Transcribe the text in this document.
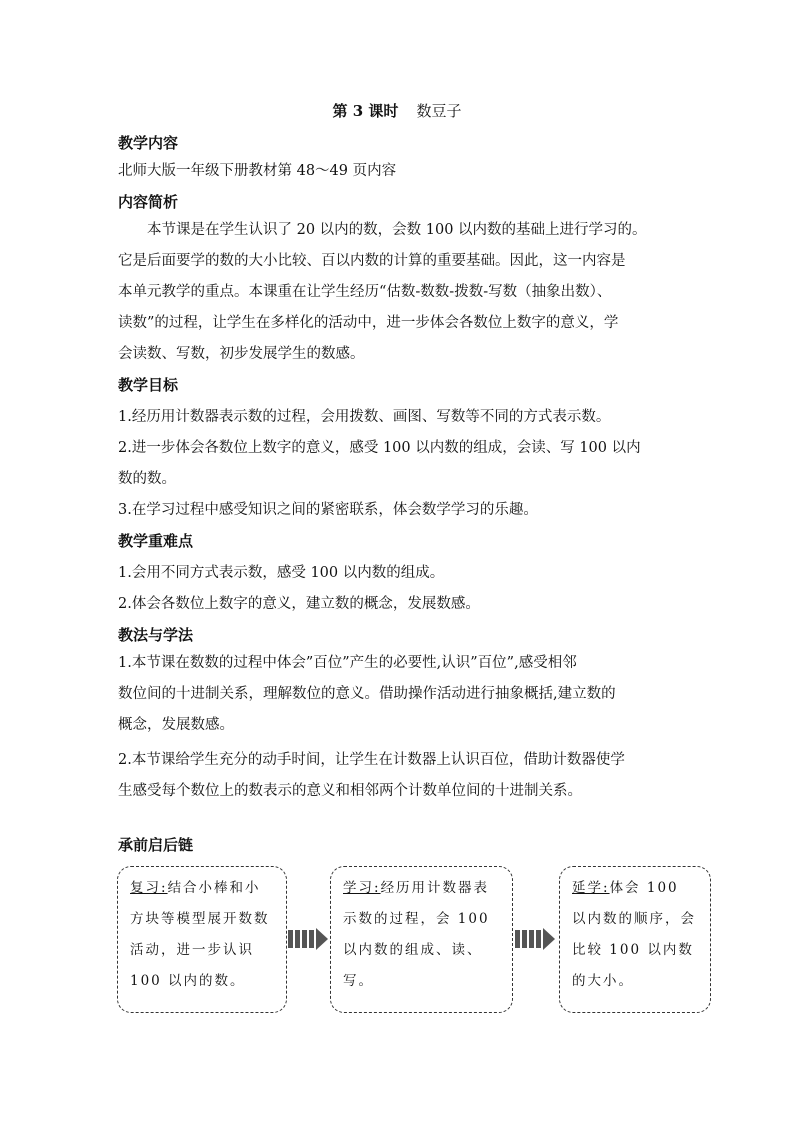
第 3 课时 数豆子
教学内容

北师大版一年级下册教材第 48～49 页内容

内容简析

本节课是在学生认识了 20 以内的数，会数 100 以内数的基础上进行学习的。

它是后面要学的数的大小比较、百以内数的计算的重要基础。因此，这一内容是

本单元教学的重点。本课重在让学生经历“估数-数数-拨数-写数（抽象出数）、

读数”的过程，让学生在多样化的活动中，进一步体会各数位上数字的意义，学

会读数、写数，初步发展学生的数感。

教学目标

1.经历用计数器表示数的过程，会用拨数、画图、写数等不同的方式表示数。

2.进一步体会各数位上数字的意义，感受 100 以内数的组成，会读、写 100 以内

数的数。

3.在学习过程中感受知识之间的紧密联系，体会数学学习的乐趣。

教学重难点

1.会用不同方式表示数，感受 100 以内数的组成。

2.体会各数位上数字的意义，建立数的概念，发展数感。

教法与学法

1.本节课在数数的过程中体会”百位”产生的必要性,认识”百位”,感受相邻

数位间的十进制关系，理解数位的意义。借助操作活动进行抽象概括,建立数的

概念，发展数感。

2.本节课给学生充分的动手时间，让学生在计数器上认识百位，借助计数器使学

生感受每个数位上的数表示的意义和相邻两个计数单位间的十进制关系。

承前启后链
复习:结合小棒和小方块等模型展开数数活动，进一步认识 100 以内的数。
学习:经历用计数器表示数的过程，会 100 以内数的组成、读、写。
延学:体会 100 以内数的顺序，会比较 100 以内数的大小。
